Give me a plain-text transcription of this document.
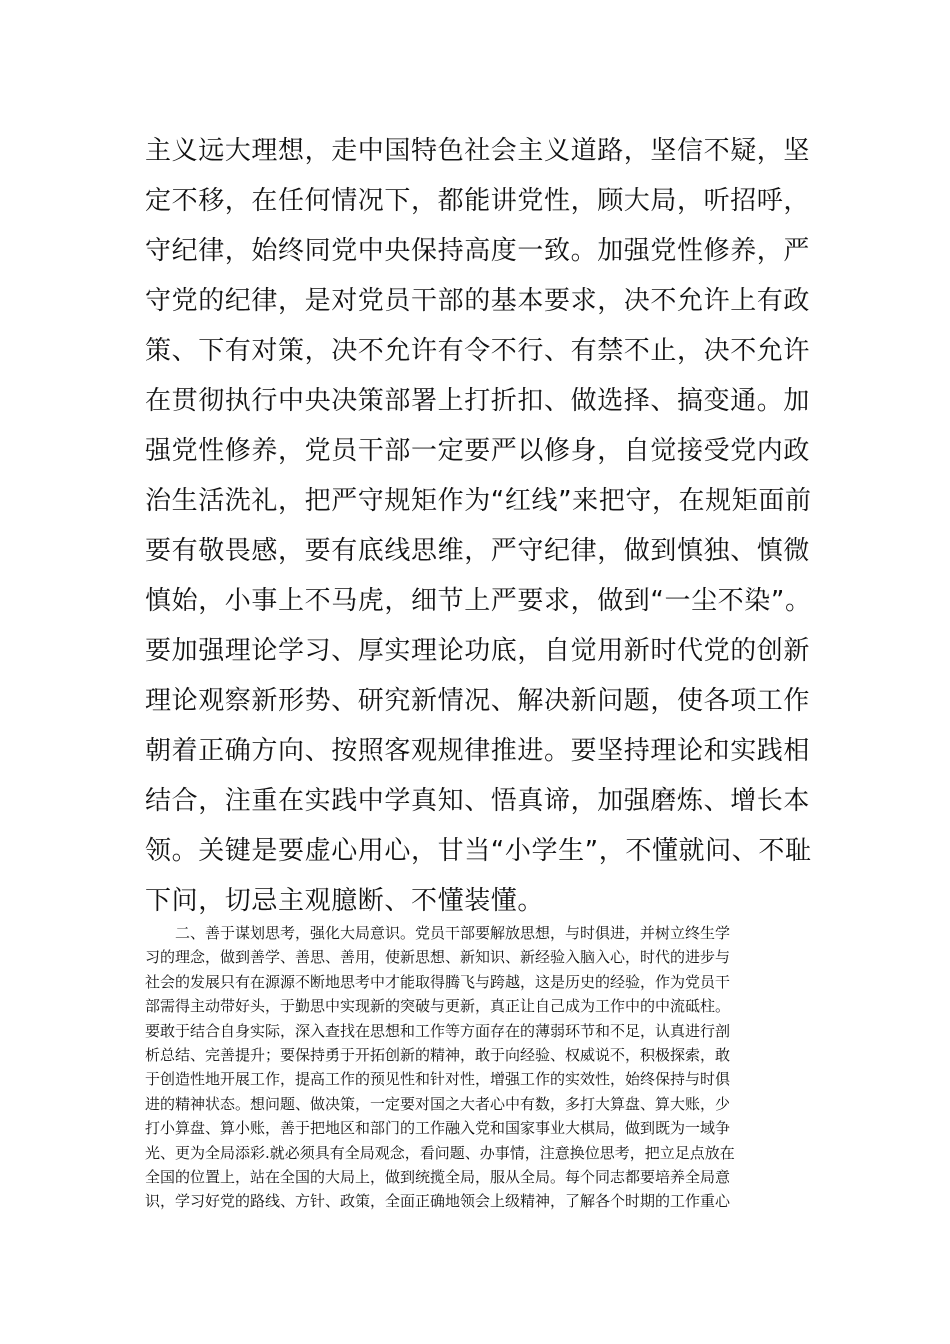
主义远大理想，走中国特色社会主义道路，坚信不疑，坚
定不移，在任何情况下，都能讲党性，顾大局，听招呼，
守纪律，始终同党中央保持高度一致。加强党性修养，严
守党的纪律，是对党员干部的基本要求，决不允许上有政
策、下有对策，决不允许有令不行、有禁不止，决不允许
在贯彻执行中央决策部署上打折扣、做选择、搞变通。加
强党性修养，党员干部一定要严以修身，自觉接受党内政
治生活洗礼，把严守规矩作为“红线”来把守，在规矩面前
要有敬畏感，要有底线思维，严守纪律，做到慎独、慎微
慎始，小事上不马虎，细节上严要求，做到“一尘不染”。
要加强理论学习、厚实理论功底，自觉用新时代党的创新
理论观察新形势、研究新情况、解决新问题，使各项工作
朝着正确方向、按照客观规律推进。要坚持理论和实践相
结合，注重在实践中学真知、悟真谛，加强磨炼、增长本
领。关键是要虚心用心，甘当“小学生”，不懂就问、不耻
下问，切忌主观臆断、不懂装懂。
二、善于谋划思考，强化大局意识。党员干部要解放思想，与时俱进，并树立终生学
习的理念，做到善学、善思、善用，使新思想、新知识、新经验入脑入心，时代的进步与
社会的发展只有在源源不断地思考中才能取得腾飞与跨越，这是历史的经验，作为党员干
部需得主动带好头，于勤思中实现新的突破与更新，真正让自己成为工作中的中流砥柱。
要敢于结合自身实际，深入查找在思想和工作等方面存在的薄弱环节和不足，认真进行剖
析总结、完善提升；要保持勇于开拓创新的精神，敢于向经验、权威说不，积极探索，敢
于创造性地开展工作，提高工作的预见性和针对性，增强工作的实效性，始终保持与时俱
进的精神状态。想问题、做决策，一定要对国之大者心中有数，多打大算盘、算大账，少
打小算盘、算小账，善于把地区和部门的工作融入党和国家事业大棋局，做到既为一域争
光、更为全局添彩.就必须具有全局观念，看问题、办事情，注意换位思考，把立足点放在
全国的位置上，站在全国的大局上，做到统揽全局，服从全局。每个同志都要培养全局意
识，学习好党的路线、方针、政策，全面正确地领会上级精神，了解各个时期的工作重心
